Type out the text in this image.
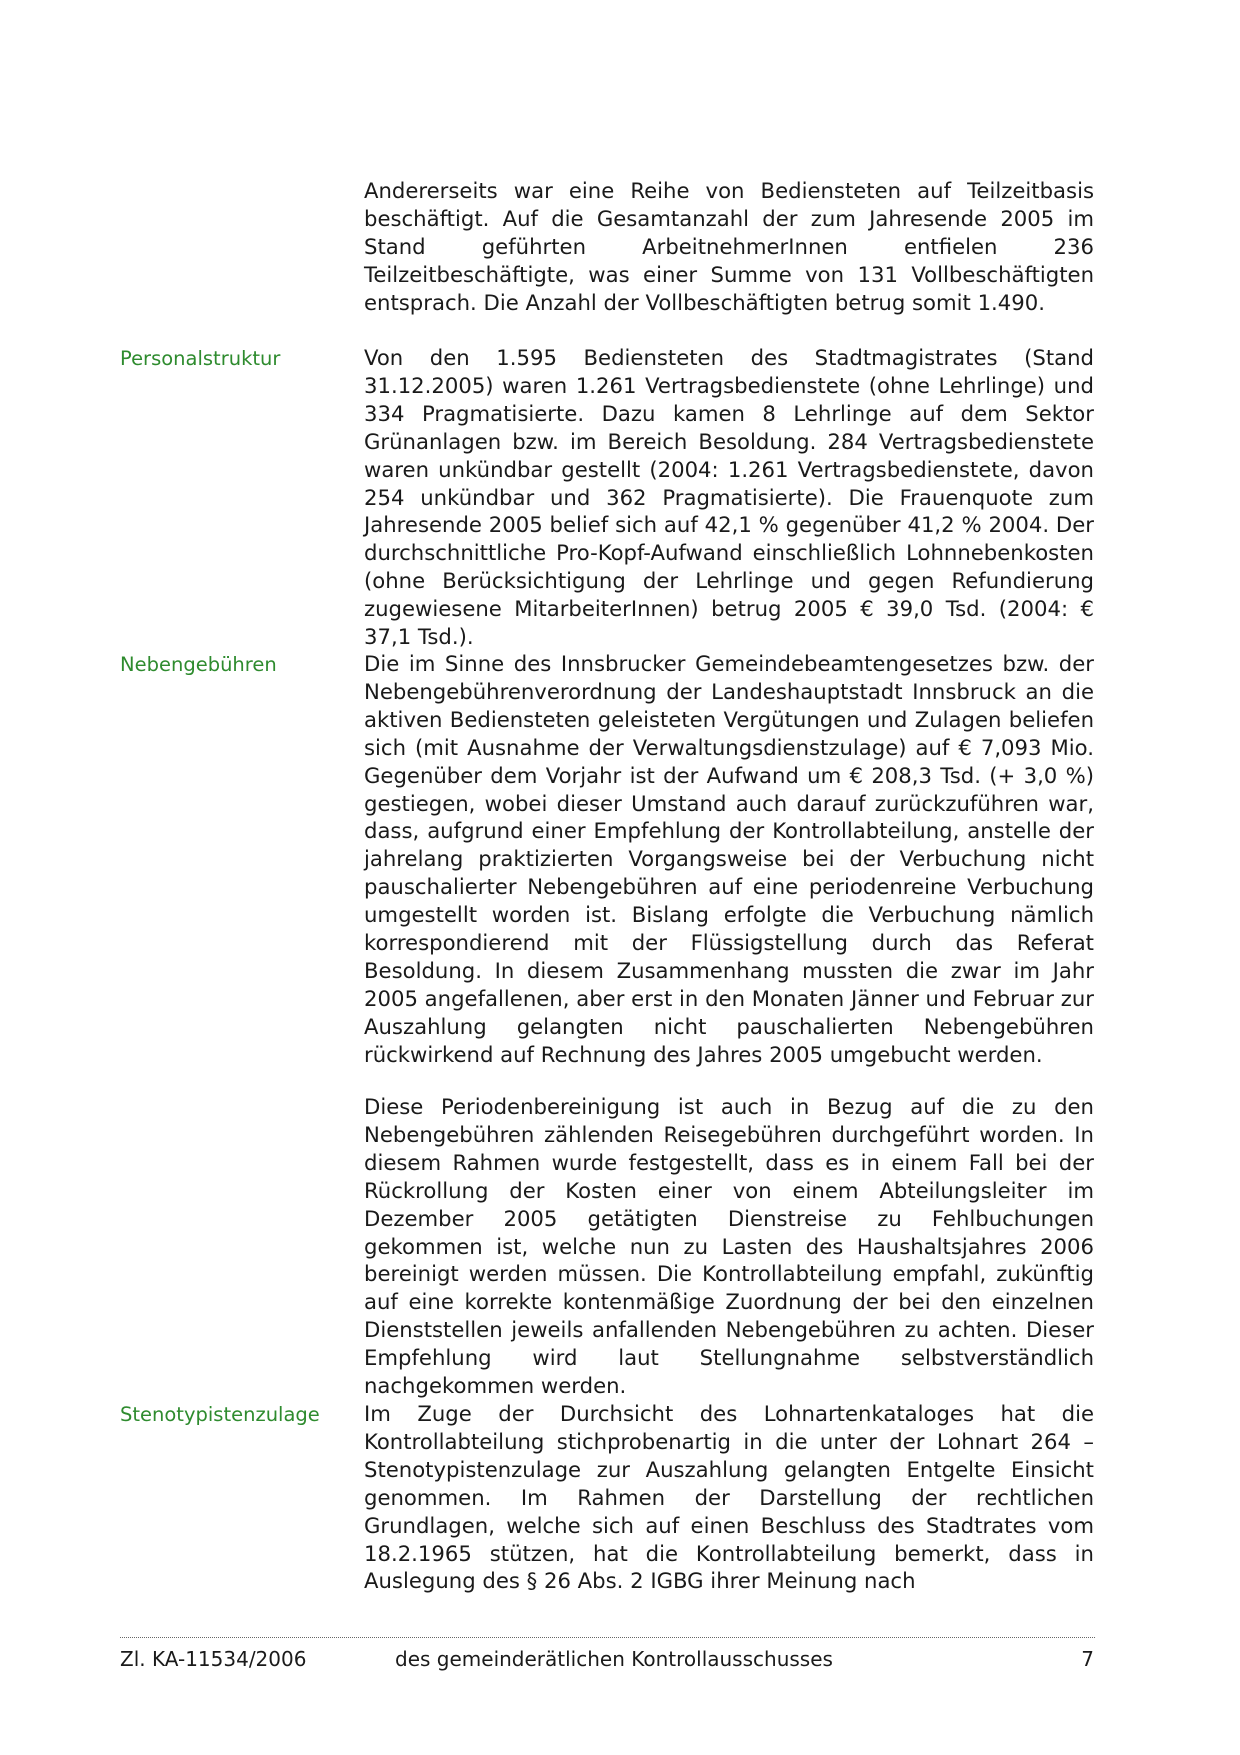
Andererseits war eine Reihe von Bediensteten auf Teilzeitbasis beschäftigt. Auf die Gesamtanzahl der zum Jahresende 2005 im Stand geführten ArbeitnehmerInnen entfielen 236 Teilzeitbeschäftigte, was einer Summe von 131 Vollbeschäftigten entsprach. Die Anzahl der Vollbeschäftigten betrug somit 1.490.

Personalstruktur	Von den 1.595 Bediensteten des Stadtmagistrates (Stand 31.12.2005) waren 1.261 Vertragsbedienstete (ohne Lehrlinge) und 334 Pragmatisierte. Dazu kamen 8 Lehrlinge auf dem Sektor Grünanlagen bzw. im Bereich Besoldung. 284 Vertragsbedienstete waren unkündbar gestellt (2004: 1.261 Vertragsbedienstete, davon 254 unkündbar und 362 Pragmatisierte). Die Frauenquote zum Jahresende 2005 belief sich auf 42,1 % gegenüber 41,2 % 2004. Der durchschnittliche Pro-Kopf-Aufwand einschließlich Lohnnebenkosten (ohne Berücksichtigung der Lehrlinge und gegen Refundierung zugewiesene MitarbeiterInnen) betrug 2005 € 39,0 Tsd. (2004: € 37,1 Tsd.).

Nebengebühren	Die im Sinne des Innsbrucker Gemeindebeamtengesetzes bzw. der Nebengebührenverordnung der Landeshauptstadt Innsbruck an die aktiven Bediensteten geleisteten Vergütungen und Zulagen beliefen sich (mit Ausnahme der Verwaltungsdienstzulage) auf € 7,093 Mio. Gegenüber dem Vorjahr ist der Aufwand um € 208,3 Tsd. (+ 3,0 %) gestiegen, wobei dieser Umstand auch darauf zurückzuführen war, dass, aufgrund einer Empfehlung der Kontrollabteilung, anstelle der jahrelang praktizierten Vorgangsweise bei der Verbuchung nicht pauschalierter Nebengebühren auf eine periodenreine Verbuchung umgestellt worden ist. Bislang erfolgte die Verbuchung nämlich korrespondierend mit der Flüssigstellung durch das Referat Besoldung. In diesem Zusammenhang mussten die zwar im Jahr 2005 angefallenen, aber erst in den Monaten Jänner und Februar zur Auszahlung gelangten nicht pauschalierten Nebengebühren rückwirkend auf Rechnung des Jahres 2005 umgebucht werden.

Diese Periodenbereinigung ist auch in Bezug auf die zu den Nebengebühren zählenden Reisegebühren durchgeführt worden. In diesem Rahmen wurde festgestellt, dass es in einem Fall bei der Rückrollung der Kosten einer von einem Abteilungsleiter im Dezember 2005 getätigten Dienstreise zu Fehlbuchungen gekommen ist, welche nun zu Lasten des Haushaltsjahres 2006 bereinigt werden müssen. Die Kontrollabteilung empfahl, zukünftig auf eine korrekte kontenmäßige Zuordnung der bei den einzelnen Dienststellen jeweils anfallenden Nebengebühren zu achten. Dieser Empfehlung wird laut Stellungnahme selbstverständlich nachgekommen werden.

Stenotypistenzulage Im Zuge der Durchsicht des Lohnartenkataloges hat die Kontrollabteilung stichprobenartig in die unter der Lohnart 264 – Stenotypistenzulage zur Auszahlung gelangten Entgelte Einsicht genommen. Im Rahmen der Darstellung der rechtlichen Grundlagen, welche sich auf einen Beschluss des Stadtrates vom 18.2.1965 stützen, hat die Kontrollabteilung bemerkt, dass in Auslegung des § 26 Abs. 2 IGBG ihrer Meinung nach

Zl. KA-11534/2006	des gemeinderätlichen Kontrollausschusses	7
